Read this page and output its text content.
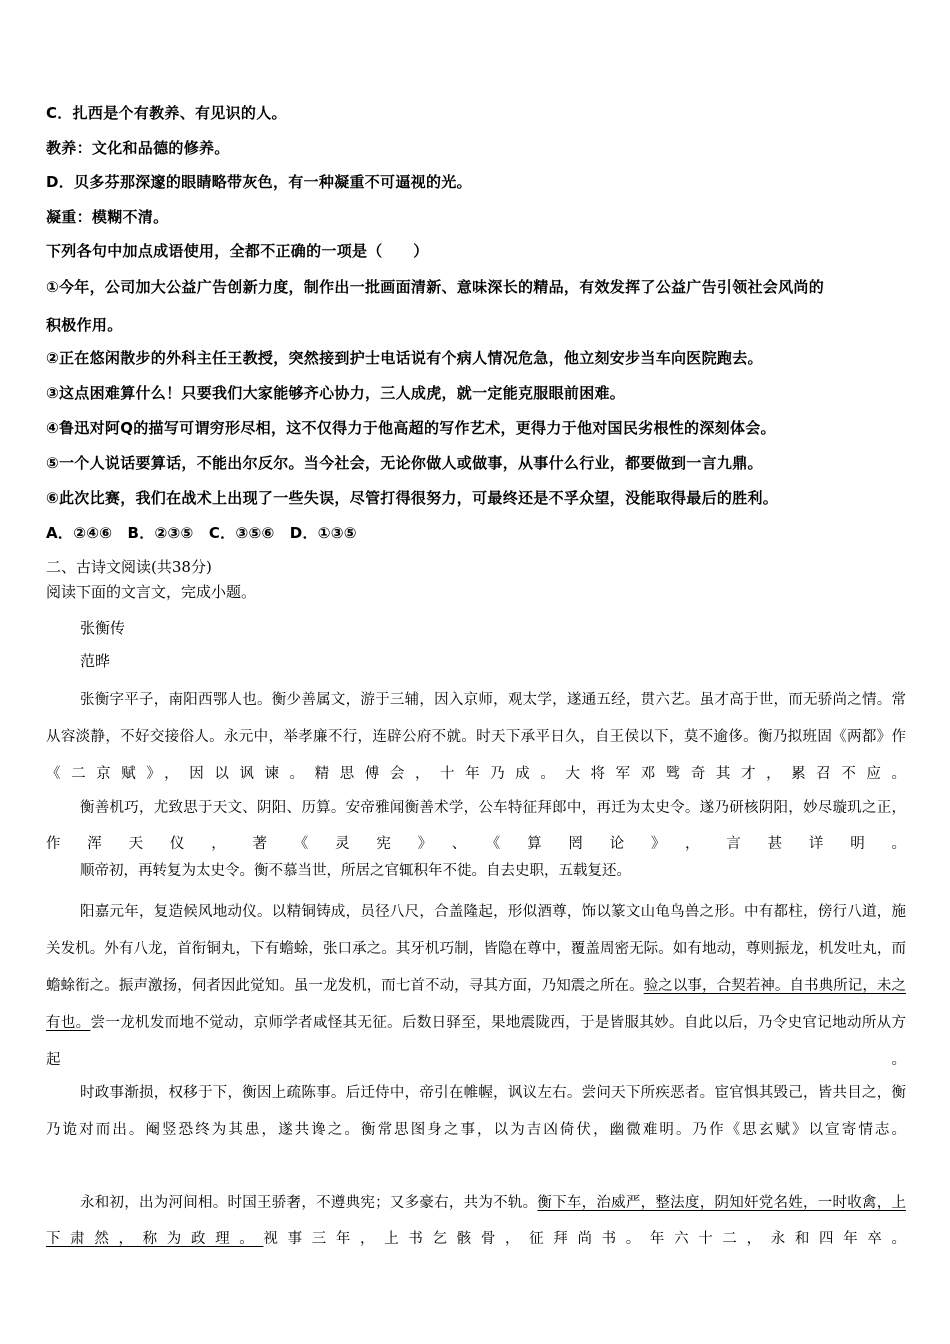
C．扎西是个有教养、有见识的人。
教养：文化和品德的修养。
D．贝多芬那深邃的眼睛略带灰色，有一种凝重不可逼视的光。
凝重：模糊不清。
下列各句中加点成语使用，全都不正确的一项是（　　）
①今年，公司加大公益广告创新力度，制作出一批画面清新、意味深长的精品，有效发挥了公益广告引领社会风尚的
积极作用。
②正在悠闲散步的外科主任王教授，突然接到护士电话说有个病人情况危急，他立刻安步当车向医院跑去。
③这点困难算什么！只要我们大家能够齐心协力，三人成虎，就一定能克服眼前困难。
④鲁迅对阿Q的描写可谓穷形尽相，这不仅得力于他高超的写作艺术，更得力于他对国民劣根性的深刻体会。
⑤一个人说话要算话，不能出尔反尔。当今社会，无论你做人或做事，从事什么行业，都要做到一言九鼎。
⑥此次比赛，我们在战术上出现了一些失误，尽管打得很努力，可最终还是不孚众望，没能取得最后的胜利。
A．②④⑥　B．②③⑤　C．③⑤⑥　D．①③⑤
二、古诗文阅读(共38分)
阅读下面的文言文，完成小题。
张衡传
范晔
张衡字平子，南阳西鄂人也。衡少善属文，游于三辅，因入京师，观太学，遂通五经，贯六艺。虽才高于世，而无骄尚之情。常从容淡静，不好交接俗人。永元中，举孝廉不行，连辟公府不就。时天下承平日久，自王侯以下，莫不逾侈。衡乃拟班固《两都》作《二京赋》，因以讽谏。精思傅会，十年乃成。大将军邓骘奇其才，累召不应。
衡善机巧，尤致思于天文、阴阳、历算。安帝雅闻衡善术学，公车特征拜郎中，再迁为太史令。遂乃研核阴阳，妙尽璇玑之正，作浑天仪，著《灵宪》、《算罔论》，言甚详明。
顺帝初，再转复为太史令。衡不慕当世，所居之官辄积年不徙。自去史职，五载复还。
阳嘉元年，复造候风地动仪。以精铜铸成，员径八尺，合盖隆起，形似酒尊，饰以篆文山龟鸟兽之形。中有都柱，傍行八道，施关发机。外有八龙，首衔铜丸，下有蟾蜍，张口承之。其牙机巧制，皆隐在尊中，覆盖周密无际。如有地动，尊则振龙，机发吐丸，而蟾蜍衔之。振声激扬，伺者因此觉知。虽一龙发机，而七首不动，寻其方面，乃知震之所在。验之以事，合契若神。自书典所记，未之有也。尝一龙机发而地不觉动，京师学者咸怪其无征。后数日驿至，果地震陇西，于是皆服其妙。自此以后，乃令史官记地动所从方起。
时政事渐损，权移于下，衡因上疏陈事。后迁侍中，帝引在帷幄，讽议左右。尝问天下所疾恶者。宦官惧其毁己，皆共目之，衡乃诡对而出。阉竖恐终为其患，遂共谗之。衡常思图身之事，以为吉凶倚伏，幽微难明。乃作《思玄赋》以宣寄情志。
永和初，出为河间相。时国王骄奢，不遵典宪；又多豪右，共为不轨。衡下车，治威严，整法度，阴知奸党名姓，一时收禽，上下肃然，称为政理。视事三年，上书乞骸骨，征拜尚书。年六十二，永和四年卒。
